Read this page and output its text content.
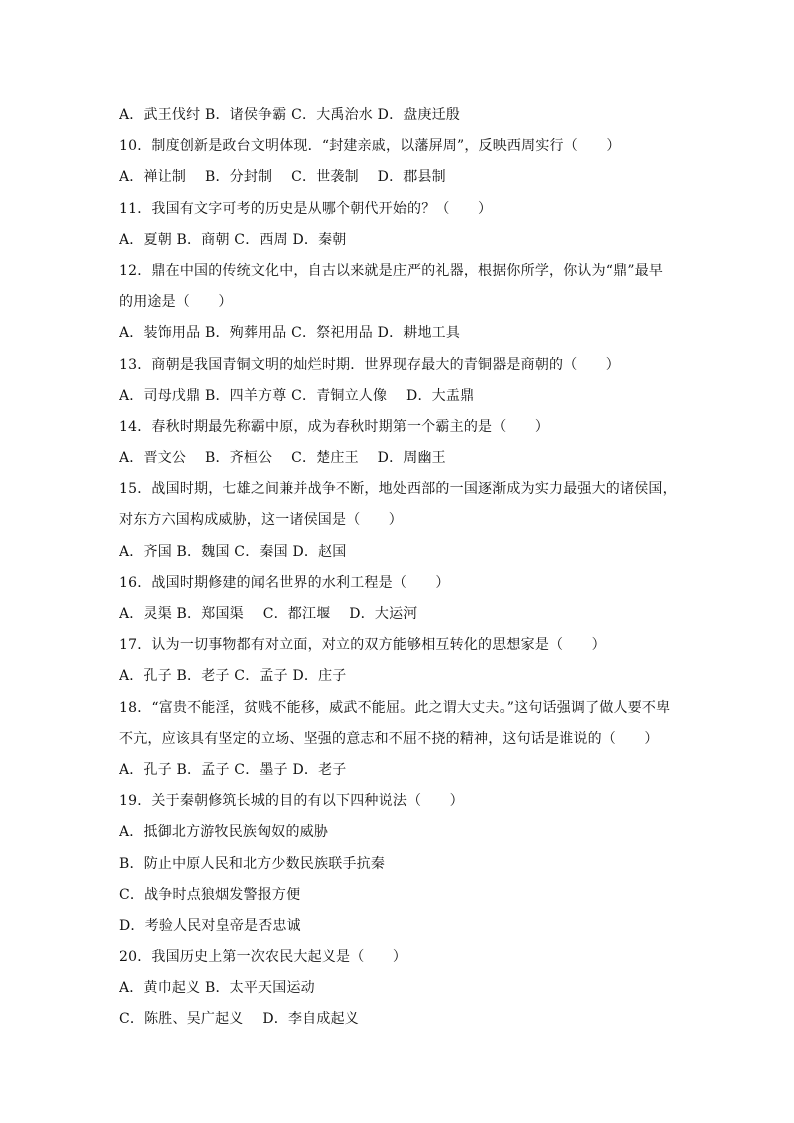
A．武王伐纣 B．诸侯争霸 C．大禹治水 D．盘庚迁殷
10．制度创新是政台文明体现．“封建亲戚，以藩屏周”，反映西周实行（　　）
A．禅让制　 B．分封制　 C．世袭制　 D．郡县制
11．我国有文字可考的历史是从哪个朝代开始的？（　　）
A．夏朝 B．商朝 C．西周 D．秦朝
12．鼎在中国的传统文化中，自古以来就是庄严的礼器，根据你所学，你认为“鼎”最早
的用途是（　　）
A．装饰用品 B．殉葬用品 C．祭祀用品 D．耕地工具
13．商朝是我国青铜文明的灿烂时期．世界现存最大的青铜器是商朝的（　　）
A．司母戊鼎 B．四羊方尊 C．青铜立人像　 D．大盂鼎
14．春秋时期最先称霸中原，成为春秋时期第一个霸主的是（　　）
A．晋文公　 B．齐桓公　 C．楚庄王　 D．周幽王
15．战国时期，七雄之间兼并战争不断，地处西部的一国逐渐成为实力最强大的诸侯国，
对东方六国构成威胁，这一诸侯国是（　　）
A．齐国 B．魏国 C．秦国 D．赵国
16．战国时期修建的闻名世界的水利工程是（　　）
A．灵渠 B．郑国渠　 C．都江堰　 D．大运河
17．认为一切事物都有对立面，对立的双方能够相互转化的思想家是（　　）
A．孔子 B．老子 C．孟子 D．庄子
18．“富贵不能淫，贫贱不能移，威武不能屈。此之谓大丈夫。”这句话强调了做人要不卑
不亢，应该具有坚定的立场、坚强的意志和不屈不挠的精神，这句话是谁说的（　　）
A．孔子 B．孟子 C．墨子 D．老子
19．关于秦朝修筑长城的目的有以下四种说法（　　）
A．抵御北方游牧民族匈奴的威胁
B．防止中原人民和北方少数民族联手抗秦
C．战争时点狼烟发警报方便
D．考验人民对皇帝是否忠诚
20．我国历史上第一次农民大起义是（　　）
A．黄巾起义 B．太平天国运动
C．陈胜、吴广起义　 D．李自成起义
